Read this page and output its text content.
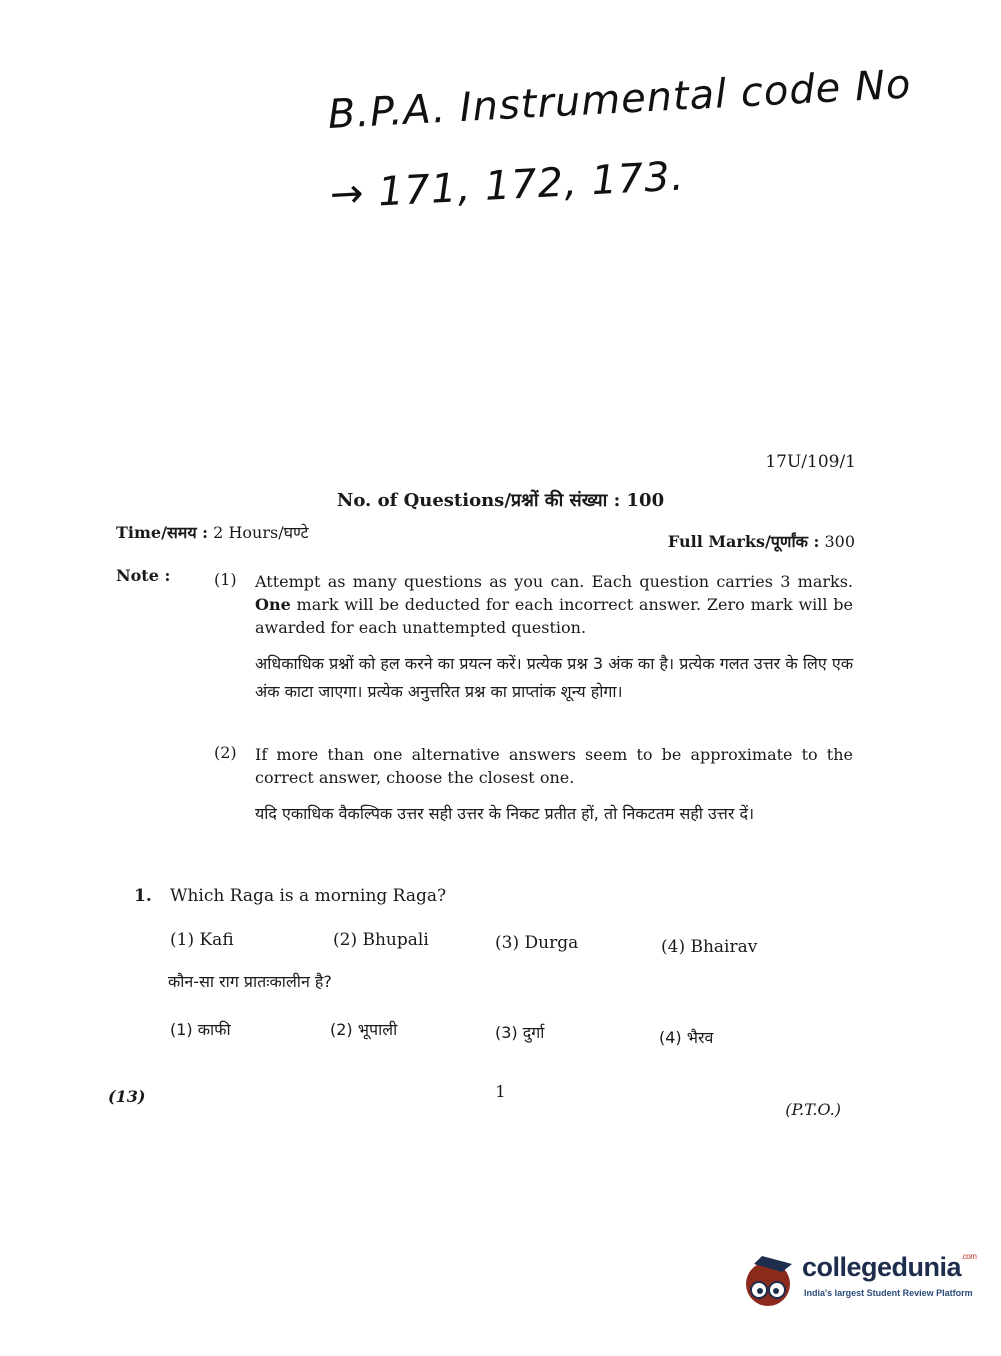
B.P.A. Instrumental code No
→ 171, 172, 173.
17U/109/1
No. of Questions/प्रश्नों की संख्या : 100
Time/समय : 2 Hours/घण्टे	Full Marks/पूर्णांक : 300
Note :	(1) Attempt as many questions as you can. Each question carries 3 marks. One mark will be deducted for each incorrect answer. Zero mark will be awarded for each unattempted question.
अधिकाधिक प्रश्नों को हल करने का प्रयत्न करें। प्रत्येक प्रश्न 3 अंक का है। प्रत्येक गलत उत्तर के लिए एक अंक काटा जाएगा। प्रत्येक अनुत्तरित प्रश्न का प्राप्तांक शून्य होगा।
(2) If more than one alternative answers seem to be approximate to the correct answer, choose the closest one.
यदि एकाधिक वैकल्पिक उत्तर सही उत्तर के निकट प्रतीत हों, तो निकटतम सही उत्तर दें।
1. Which Raga is a morning Raga?
(1) Kafi	(2) Bhupali	(3) Durga	(4) Bhairav
कौन-सा राग प्रातःकालीन है?
(1) काफी	(2) भूपाली	(3) दुर्गा	(4) भैरव
(13)	1
(P.T.O.)
collegedunia$^{.com}$
India's largest Student Review Platform
